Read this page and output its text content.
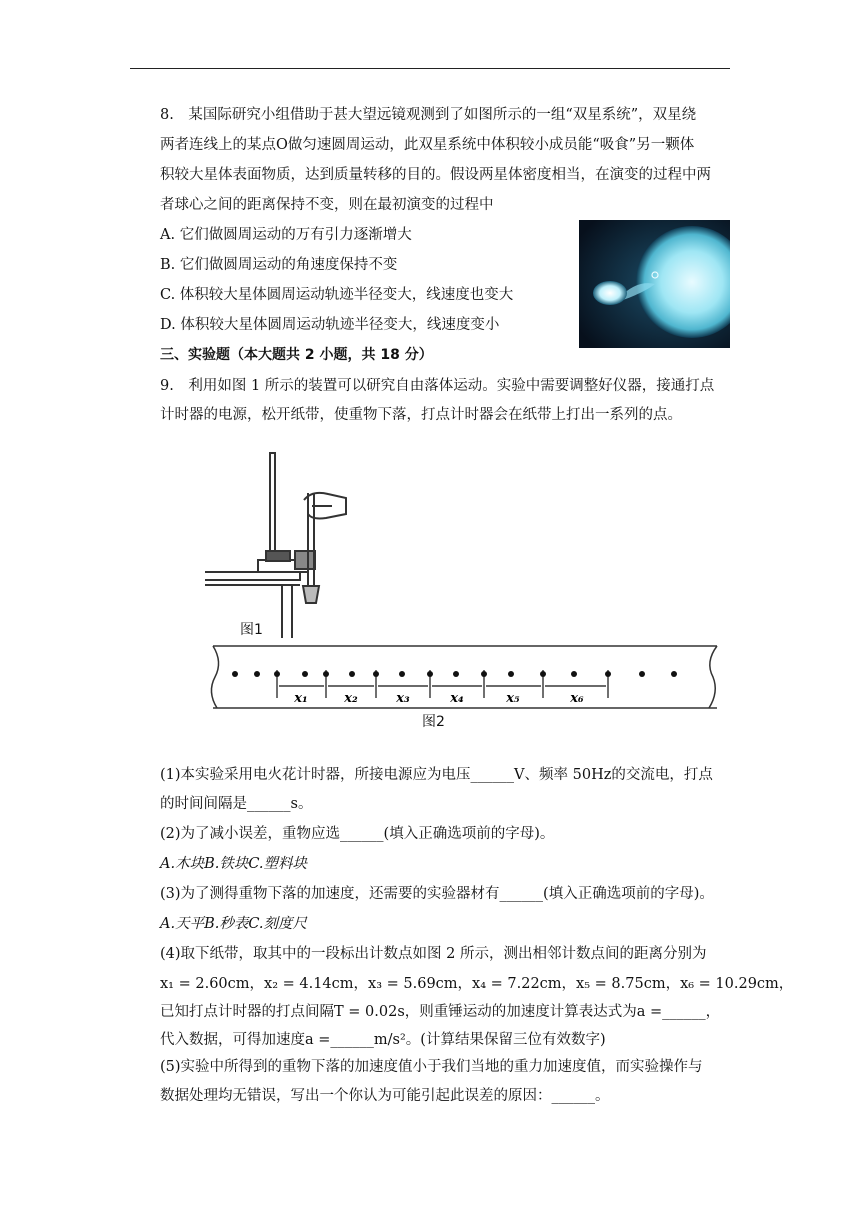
8.　某国际研究小组借助于甚大望远镜观测到了如图所示的一组“双星系统”，双星绕
两者连线上的某点O做匀速圆周运动，此双星系统中体积较小成员能“吸食”另一颗体
积较大星体表面物质，达到质量转移的目的。假设两星体密度相当，在演变的过程中两
者球心之间的距离保持不变，则在最初演变的过程中
A. 它们做圆周运动的万有引力逐渐增大
B. 它们做圆周运动的角速度保持不变
C. 体积较大星体圆周运动轨迹半径变大，线速度也变大
D. 体积较大星体圆周运动轨迹半径变大，线速度变小
三、实验题（本大题共 2 小题，共 18 分）
9.　利用如图 1 所示的装置可以研究自由落体运动。实验中需要调整好仪器，接通打点
计时器的电源，松开纸带，使重物下落，打点计时器会在纸带上打出一系列的点。
图1
x₁	x₂	x₃	x₄	x₅	x₆
图2
(1)本实验采用电火花计时器，所接电源应为电压______V、频率 50Hz的交流电，打点
的时间间隔是______s。
(2)为了减小误差，重物应选______(填入正确选项前的字母)。
A.木块B.铁块C.塑料块
(3)为了测得重物下落的加速度，还需要的实验器材有______(填入正确选项前的字母)。
A.天平B.秒表C.刻度尺
(4)取下纸带，取其中的一段标出计数点如图 2 所示，测出相邻计数点间的距离分别为
x₁ = 2.60cm，x₂ = 4.14cm，x₃ = 5.69cm，x₄ = 7.22cm，x₅ = 8.75cm，x₆ = 10.29cm，
已知打点计时器的打点间隔T = 0.02s，则重锤运动的加速度计算表达式为a =______，
代入数据，可得加速度a =______m/s²。(计算结果保留三位有效数字)
(5)实验中所得到的重物下落的加速度值小于我们当地的重力加速度值，而实验操作与
数据处理均无错误，写出一个你认为可能引起此误差的原因：______。
